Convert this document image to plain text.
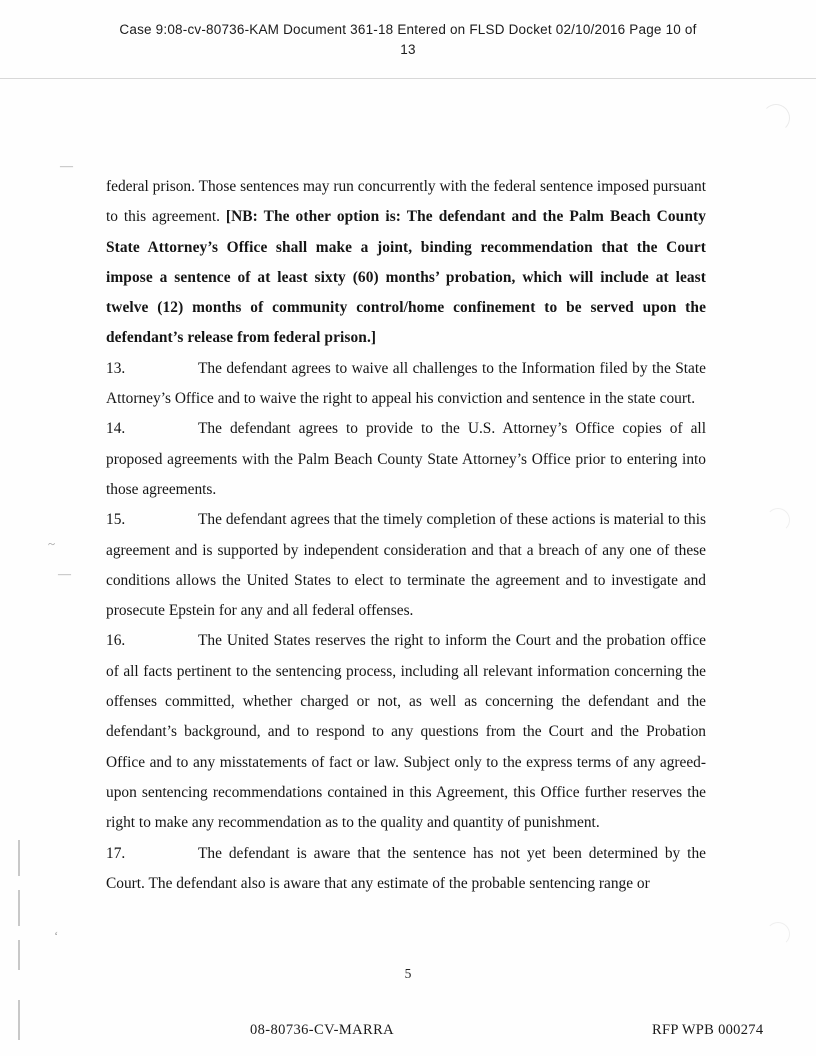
Case 9:08-cv-80736-KAM Document 361-18 Entered on FLSD Docket 02/10/2016 Page 10 of
13
—
~
—
‘

federal prison. Those sentences may run concurrently with the federal sentence imposed pursuant to this agreement. [NB: The other option is: The defendant and the Palm Beach County State Attorney’s Office shall make a joint, binding recommendation that the Court impose a sentence of at least sixty (60) months’ probation, which will include at least twelve (12) months of community control/home confinement to be served upon the defendant’s release from federal prison.]

13.	The defendant agrees to waive all challenges to the Information filed by the State Attorney’s Office and to waive the right to appeal his conviction and sentence in the state court.

14.	The defendant agrees to provide to the U.S. Attorney’s Office copies of all proposed agreements with the Palm Beach County State Attorney’s Office prior to entering into those agreements.

15.	The defendant agrees that the timely completion of these actions is material to this agreement and is supported by independent consideration and that a breach of any one of these conditions allows the United States to elect to terminate the agreement and to investigate and prosecute Epstein for any and all federal offenses.

16.	The United States reserves the right to inform the Court and the probation office of all facts pertinent to the sentencing process, including all relevant information concerning the offenses committed, whether charged or not, as well as concerning the defendant and the defendant’s background, and to respond to any questions from the Court and the Probation Office and to any misstatements of fact or law. Subject only to the express terms of any agreed-upon sentencing recommendations contained in this Agreement, this Office further reserves the right to make any recommendation as to the quality and quantity of punishment.

17.	The defendant is aware that the sentence has not yet been determined by the Court. The defendant also is aware that any estimate of the probable sentencing range or

5
08-80736-CV-MARRA	RFP WPB 000274
